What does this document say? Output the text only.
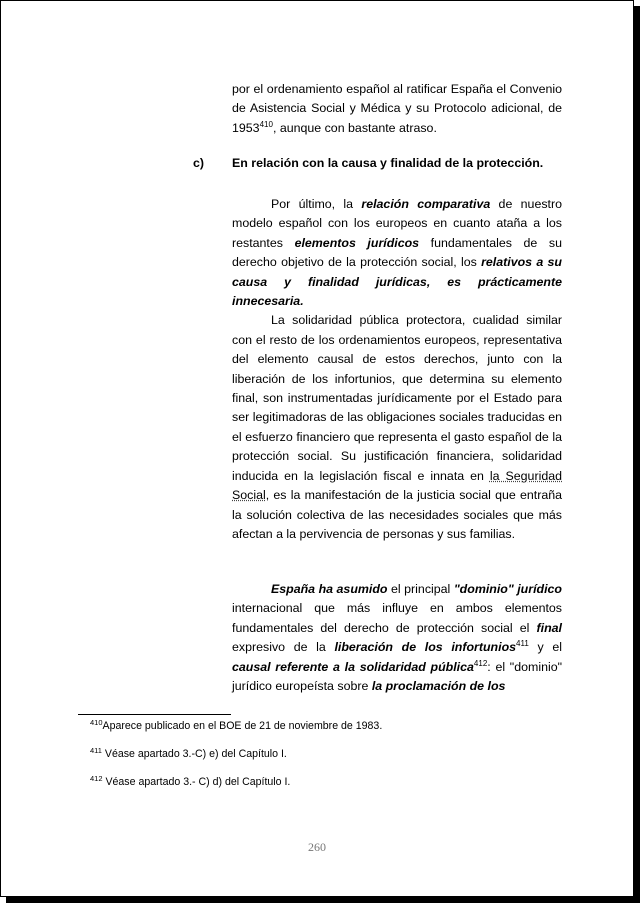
por el ordenamiento español al ratificar España el Convenio de Asistencia Social y Médica y su Protocolo adicional, de 1953$^{410}$, aunque con bastante atraso.

c) En relación con la causa y finalidad de la protección.

Por último, la relación comparativa de nuestro modelo español con los europeos en cuanto ataña a los restantes elementos jurídicos fundamentales de su derecho objetivo de la protección social, los relativos a su causa y finalidad jurídicas, es prácticamente innecesaria.

La solidaridad pública protectora, cualidad similar con el resto de los ordenamientos europeos, representativa del elemento causal de estos derechos, junto con la liberación de los infortunios, que determina su elemento final, son instrumentadas jurídicamente por el Estado para ser legitimadoras de las obligaciones sociales traducidas en el esfuerzo financiero que representa el gasto español de la protección social. Su justificación financiera, solidaridad inducida en la legislación fiscal e innata en la Seguridad Social, es la manifestación de la justicia social que entraña la solución colectiva de las necesidades sociales que más afectan a la pervivencia de personas y sus familias.

España ha asumido el principal "dominio" jurídico internacional que más influye en ambos elementos fundamentales del derecho de protección social el final expresivo de la liberación de los infortunios$^{411}$ y el causal referente a la solidaridad pública$^{412}$: el "dominio" jurídico europeísta sobre la proclamación de los

$^{410}$Aparece publicado en el BOE de 21 de noviembre de 1983.
$^{411}$ Véase apartado 3.-C) e) del Capítulo I.
$^{412}$ Véase apartado 3.- C) d) del Capítulo I.
260
